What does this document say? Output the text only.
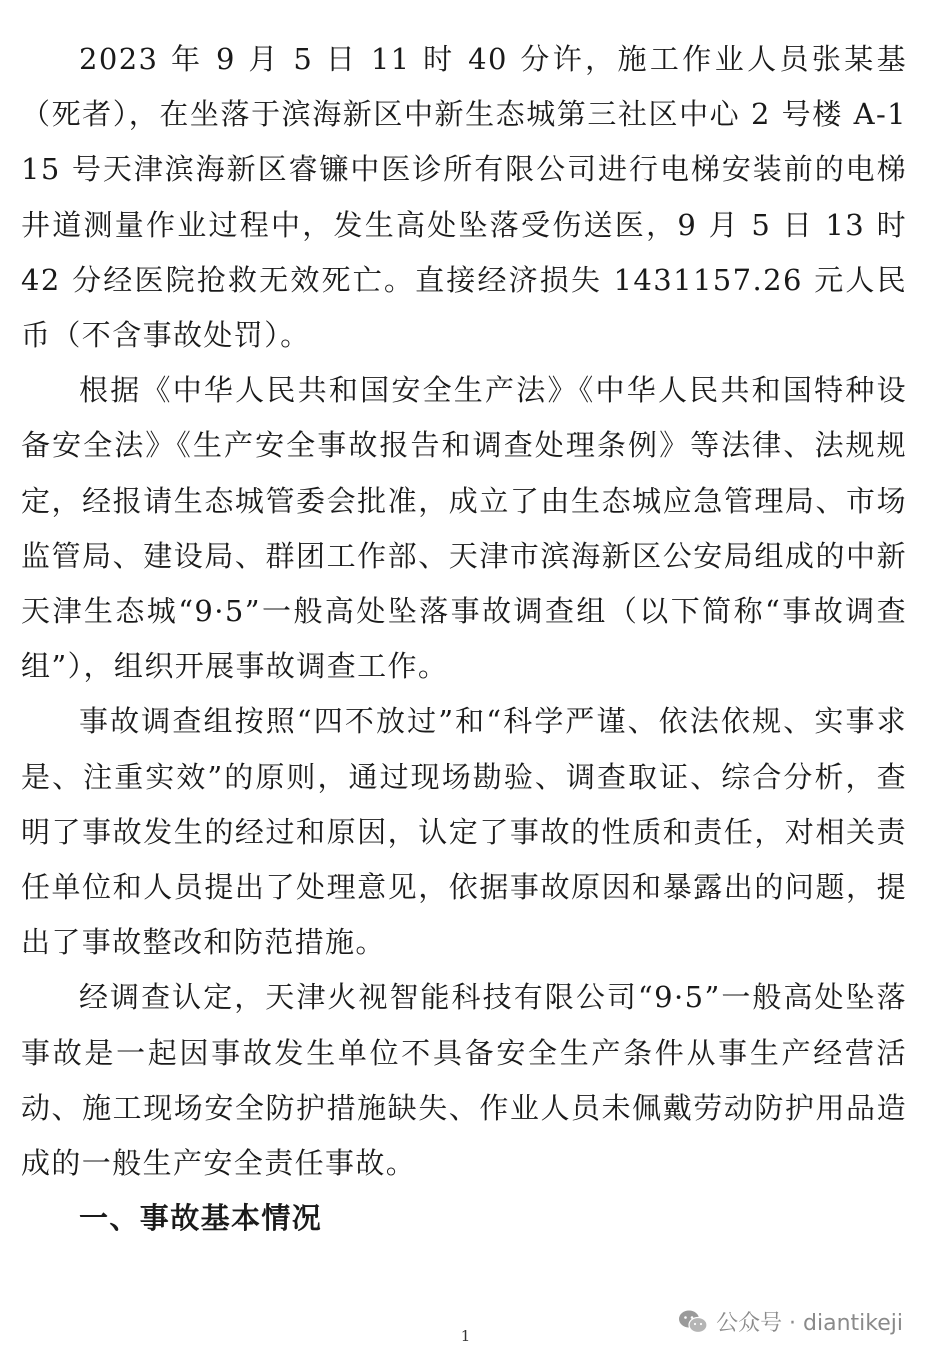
2023 年 9 月 5 日 11 时 40 分许，施工作业人员张某基（死者），在坐落于滨海新区中新生态城第三社区中心 2 号楼 A-115 号天津滨海新区睿镰中医诊所有限公司进行电梯安装前的电梯井道测量作业过程中，发生高处坠落受伤送医，9 月 5 日 13 时 42 分经医院抢救无效死亡。直接经济损失 1431157.26 元人民币（不含事故处罚）。

根据《中华人民共和国安全生产法》《中华人民共和国特种设备安全法》《生产安全事故报告和调查处理条例》等法律、法规规定，经报请生态城管委会批准，成立了由生态城应急管理局、市场监管局、建设局、群团工作部、天津市滨海新区公安局组成的中新天津生态城“9·5”一般高处坠落事故调查组（以下简称“事故调查组”），组织开展事故调查工作。

事故调查组按照“四不放过”和“科学严谨、依法依规、实事求是、注重实效”的原则，通过现场勘验、调查取证、综合分析，查明了事故发生的经过和原因，认定了事故的性质和责任，对相关责任单位和人员提出了处理意见，依据事故原因和暴露出的问题，提出了事故整改和防范措施。

经调查认定，天津火视智能科技有限公司“9·5”一般高处坠落事故是一起因事故发生单位不具备安全生产条件从事生产经营活动、施工现场安全防护措施缺失、作业人员未佩戴劳动防护用品造成的一般生产安全责任事故。

一、事故基本情况

公众号 · diantikeji
1
